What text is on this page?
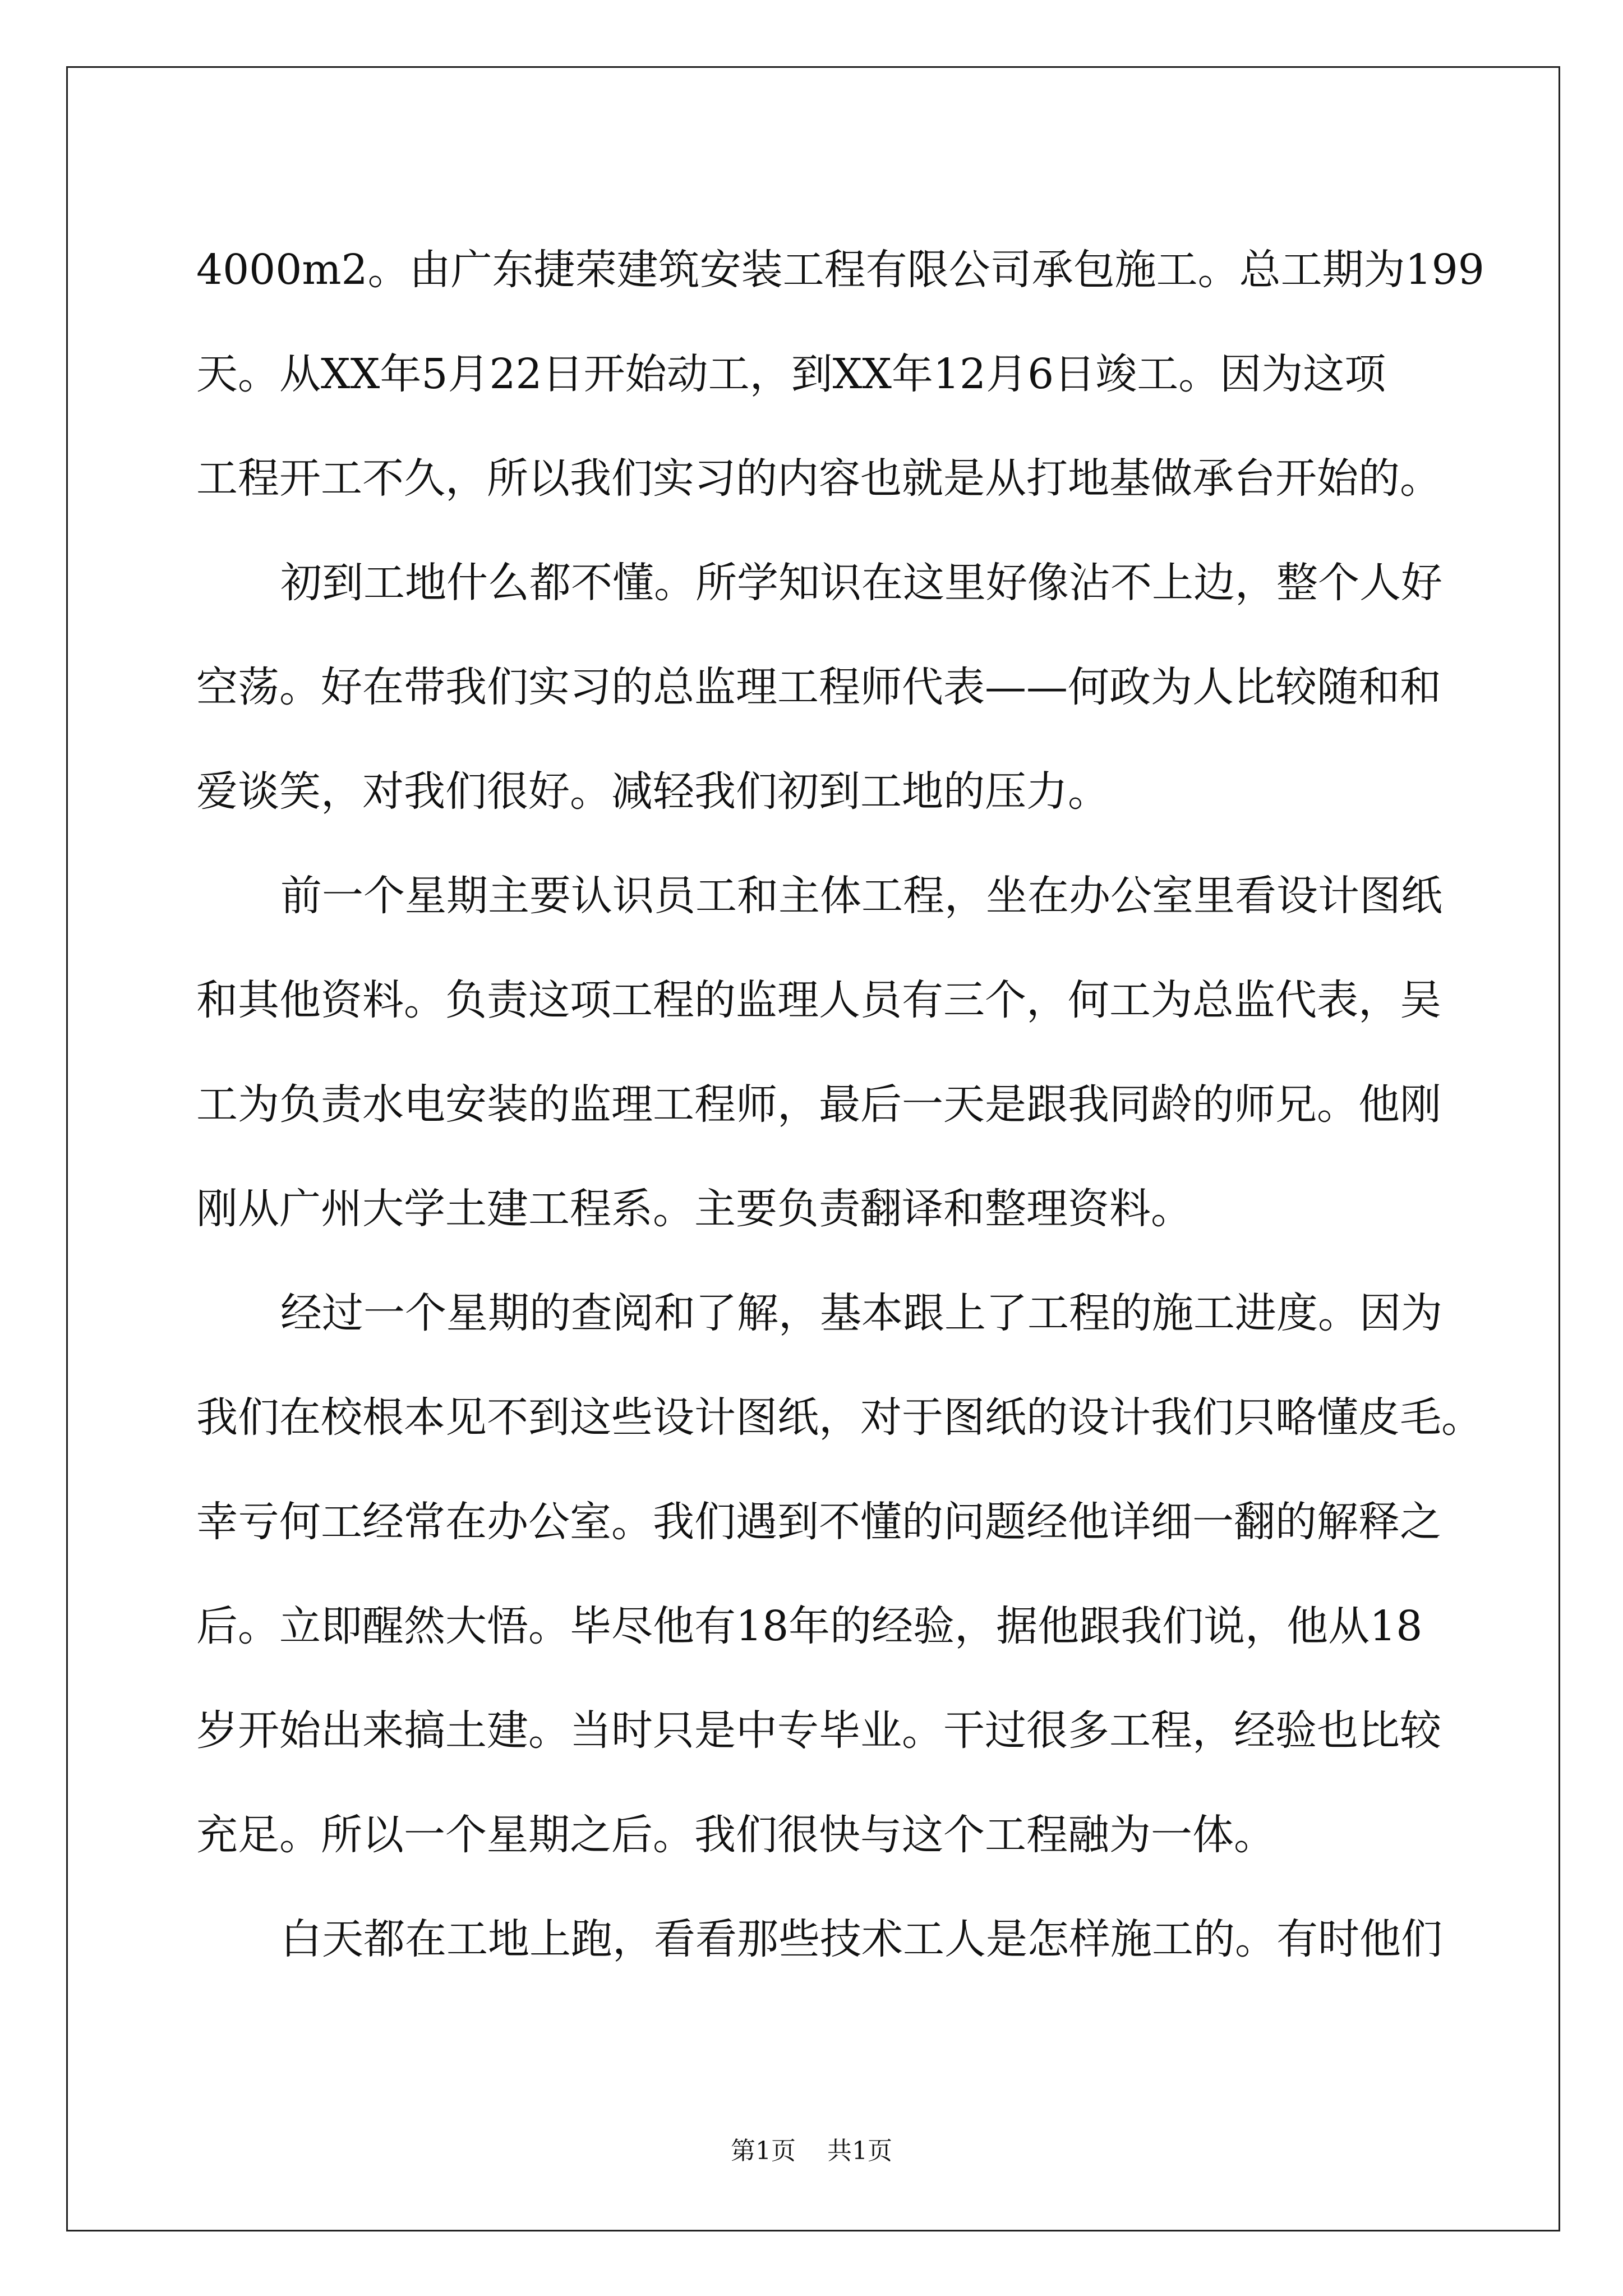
4000m2。由广东捷荣建筑安装工程有限公司承包施工。总工期为199
天。从XX年5月22日开始动工，到XX年12月6日竣工。因为这项
工程开工不久，所以我们实习的内容也就是从打地基做承台开始的。
初到工地什么都不懂。所学知识在这里好像沾不上边，整个人好
空荡。好在带我们实习的总监理工程师代表——何政为人比较随和和
爱谈笑，对我们很好。减轻我们初到工地的压力。
前一个星期主要认识员工和主体工程，坐在办公室里看设计图纸
和其他资料。负责这项工程的监理人员有三个，何工为总监代表，吴
工为负责水电安装的监理工程师，最后一天是跟我同龄的师兄。他刚
刚从广州大学土建工程系。主要负责翻译和整理资料。
经过一个星期的查阅和了解，基本跟上了工程的施工进度。因为
我们在校根本见不到这些设计图纸，对于图纸的设计我们只略懂皮毛。
幸亏何工经常在办公室。我们遇到不懂的问题经他详细一翻的解释之
后。立即醒然大悟。毕尽他有18年的经验，据他跟我们说，他从18
岁开始出来搞土建。当时只是中专毕业。干过很多工程，经验也比较
充足。所以一个星期之后。我们很快与这个工程融为一体。
白天都在工地上跑，看看那些技术工人是怎样施工的。有时他们
第1页 共1页
